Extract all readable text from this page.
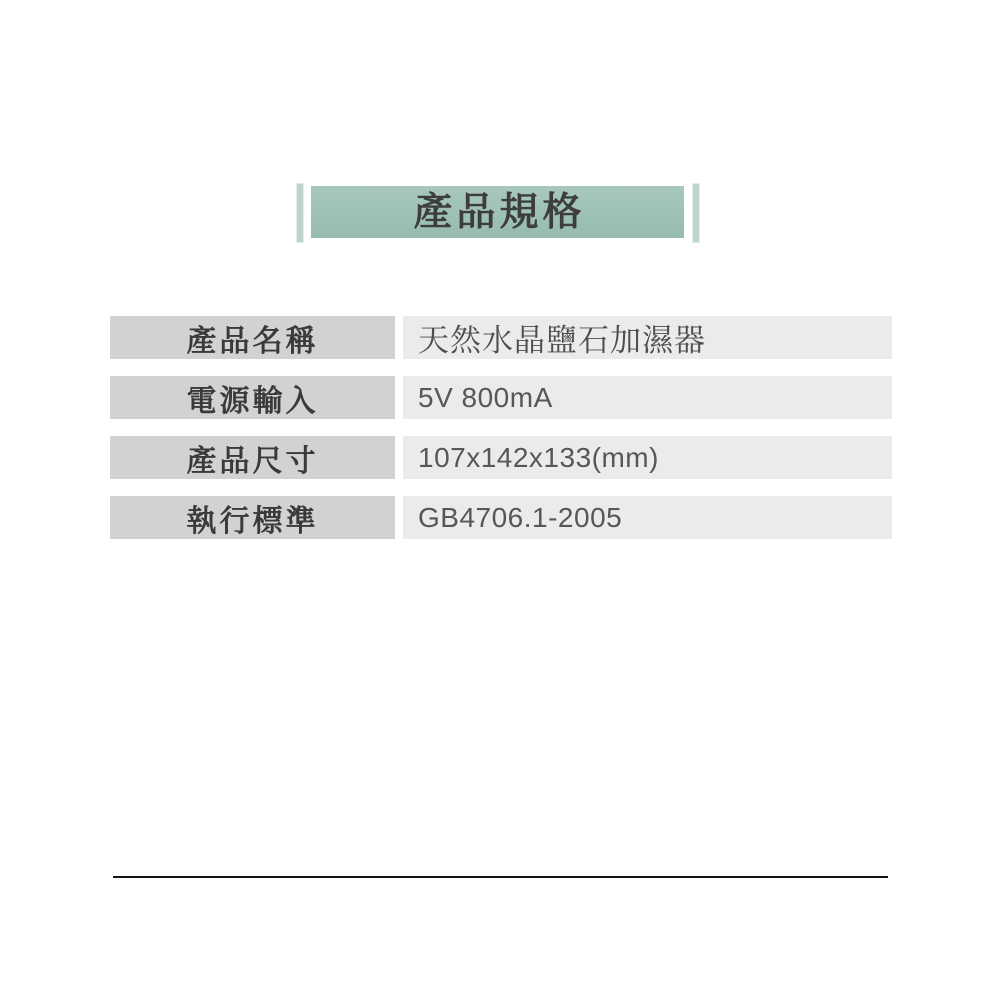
產品規格
產品名稱	天然水晶鹽石加濕器
電源輸入	5V 800mA
產品尺寸	107x142x133(mm)
執行標準	GB4706.1-2005
